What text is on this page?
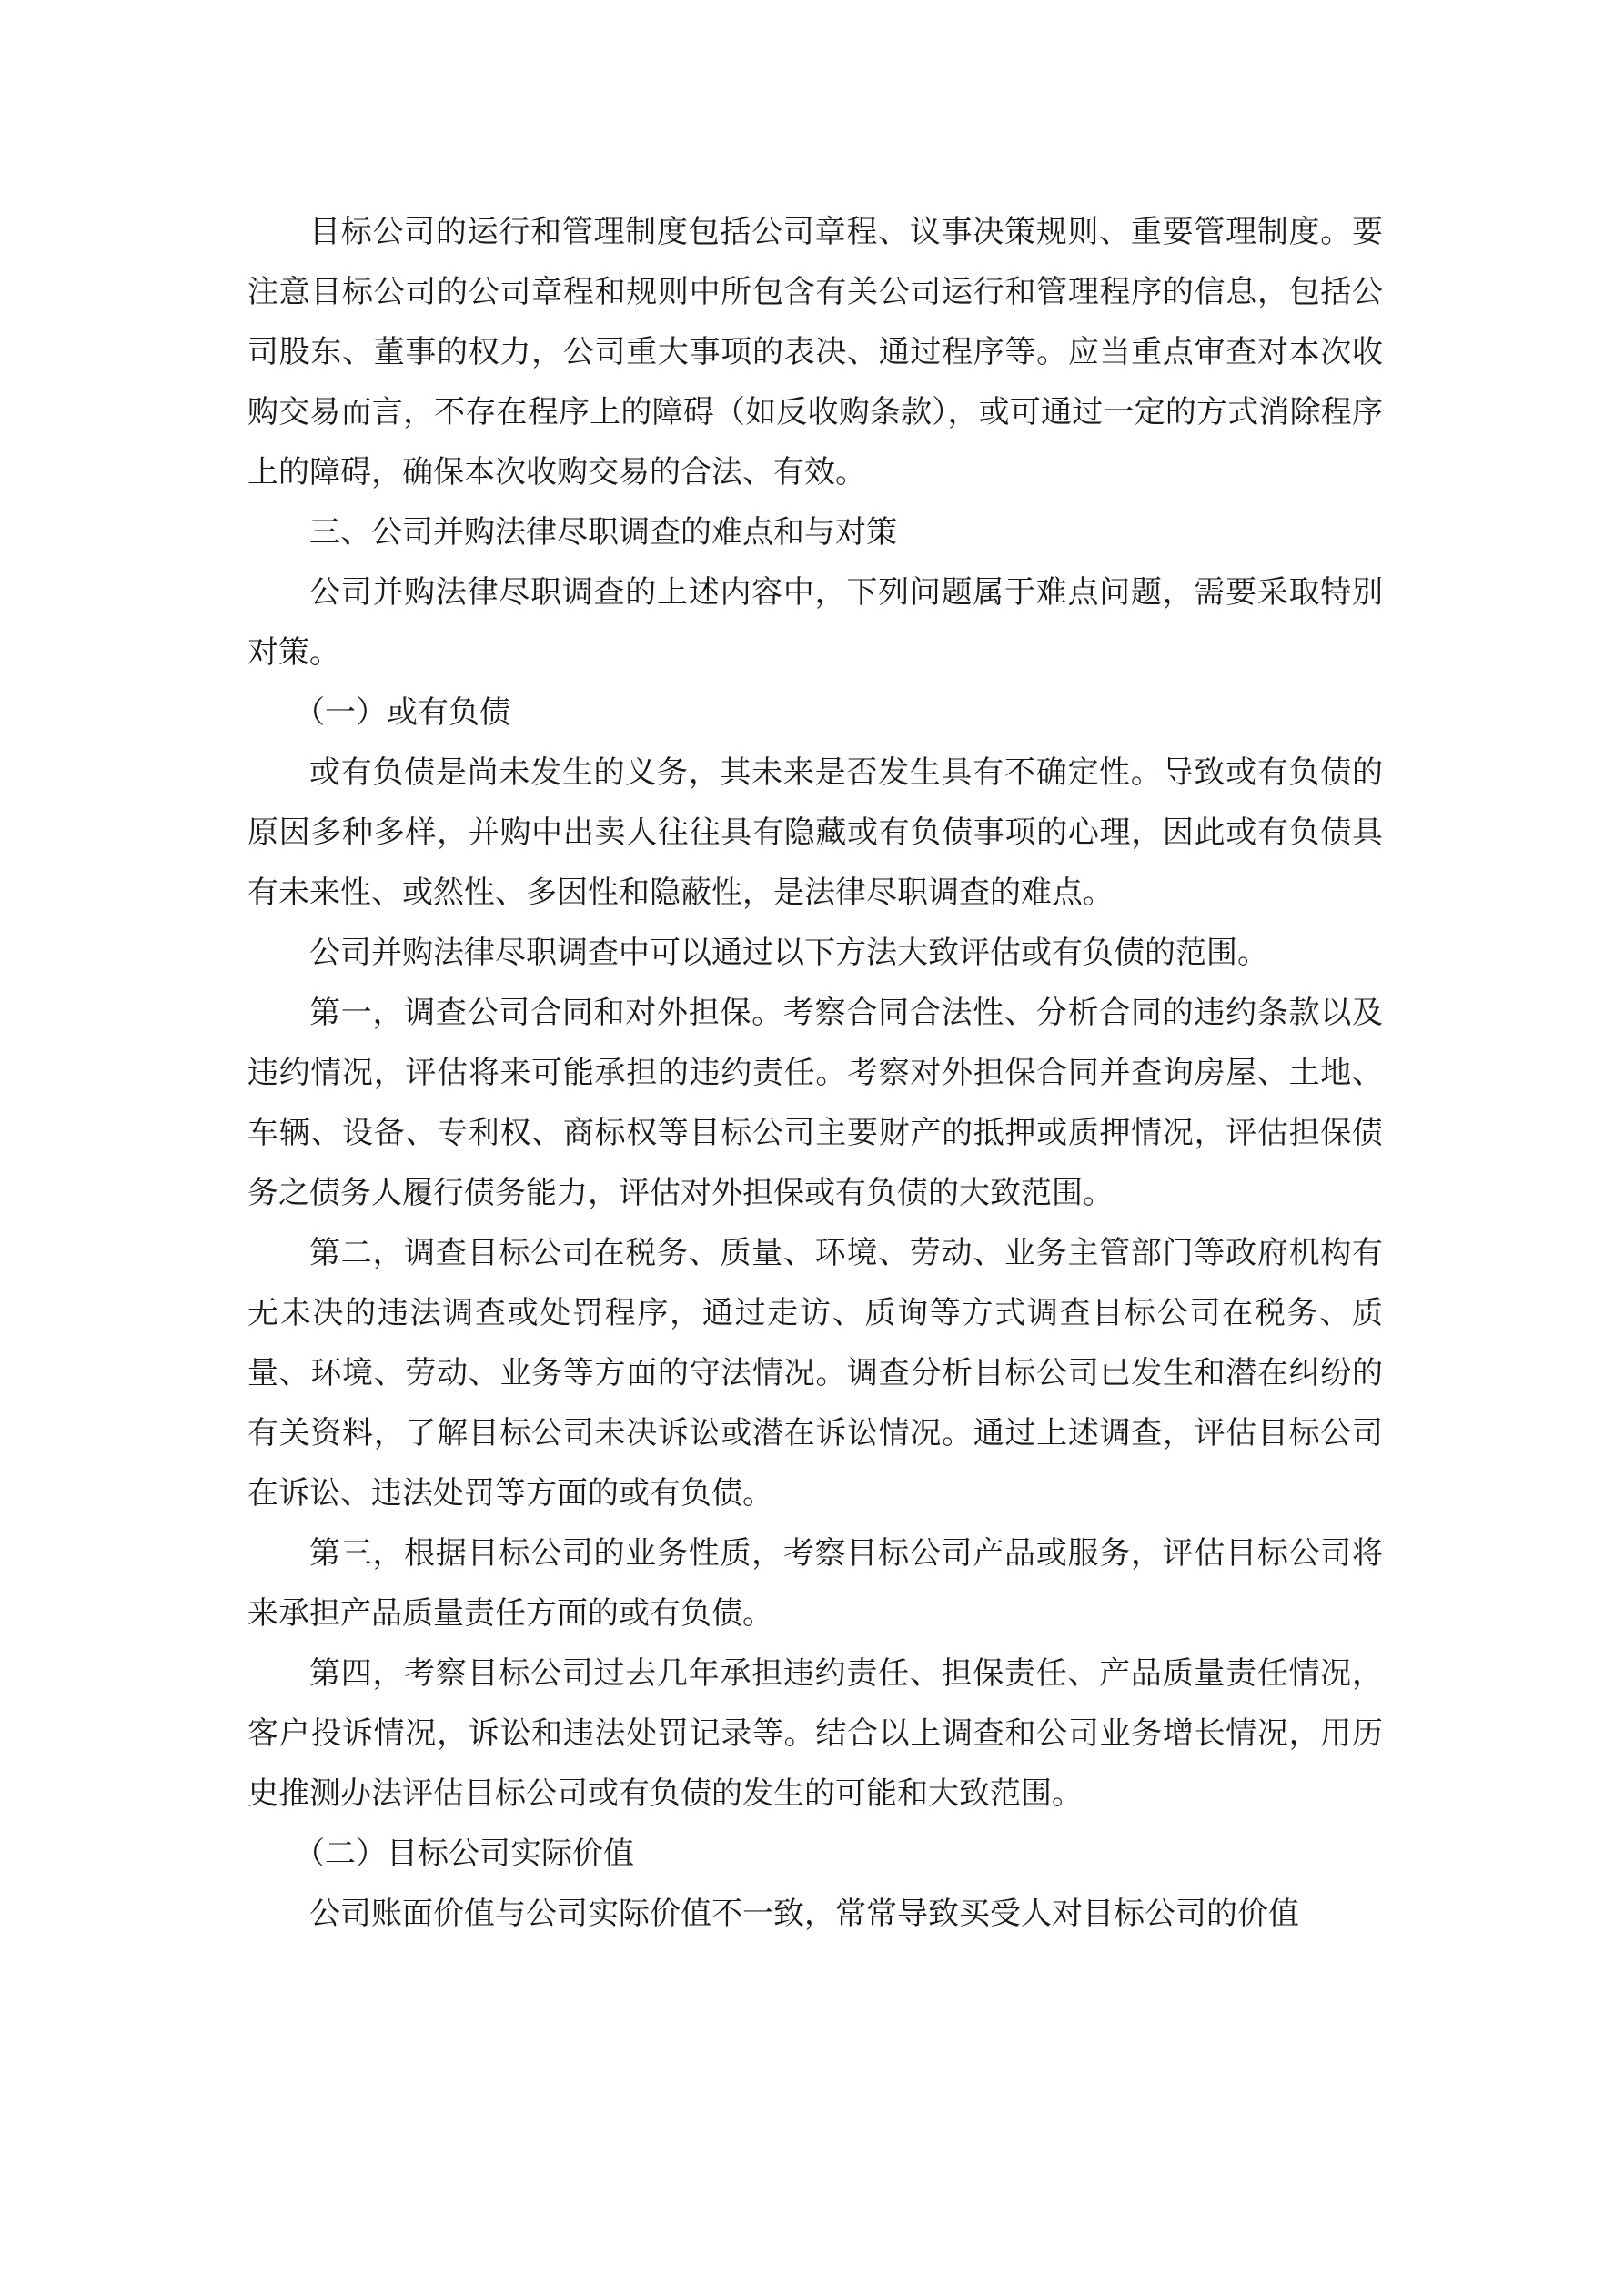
目标公司的运行和管理制度包括公司章程、议事决策规则、重要管理制度。要注意目标公司的公司章程和规则中所包含有关公司运行和管理程序的信息，包括公司股东、董事的权力，公司重大事项的表决、通过程序等。应当重点审查对本次收购交易而言，不存在程序上的障碍（如反收购条款），或可通过一定的方式消除程序上的障碍，确保本次收购交易的合法、有效。

三、公司并购法律尽职调查的难点和与对策

公司并购法律尽职调查的上述内容中，下列问题属于难点问题，需要采取特别对策。

（一）或有负债

或有负债是尚未发生的义务，其未来是否发生具有不确定性。导致或有负债的原因多种多样，并购中出卖人往往具有隐藏或有负债事项的心理，因此或有负债具有未来性、或然性、多因性和隐蔽性，是法律尽职调查的难点。

公司并购法律尽职调查中可以通过以下方法大致评估或有负债的范围。

第一，调查公司合同和对外担保。考察合同合法性、分析合同的违约条款以及违约情况，评估将来可能承担的违约责任。考察对外担保合同并查询房屋、土地、车辆、设备、专利权、商标权等目标公司主要财产的抵押或质押情况，评估担保债务之债务人履行债务能力，评估对外担保或有负债的大致范围。

第二，调查目标公司在税务、质量、环境、劳动、业务主管部门等政府机构有无未决的违法调查或处罚程序，通过走访、质询等方式调查目标公司在税务、质量、环境、劳动、业务等方面的守法情况。调查分析目标公司已发生和潜在纠纷的有关资料，了解目标公司未决诉讼或潜在诉讼情况。通过上述调查，评估目标公司在诉讼、违法处罚等方面的或有负债。

第三，根据目标公司的业务性质，考察目标公司产品或服务，评估目标公司将来承担产品质量责任方面的或有负债。

第四，考察目标公司过去几年承担违约责任、担保责任、产品质量责任情况，客户投诉情况，诉讼和违法处罚记录等。结合以上调查和公司业务增长情况，用历史推测办法评估目标公司或有负债的发生的可能和大致范围。

（二）目标公司实际价值

公司账面价值与公司实际价值不一致，常常导致买受人对目标公司的价值
